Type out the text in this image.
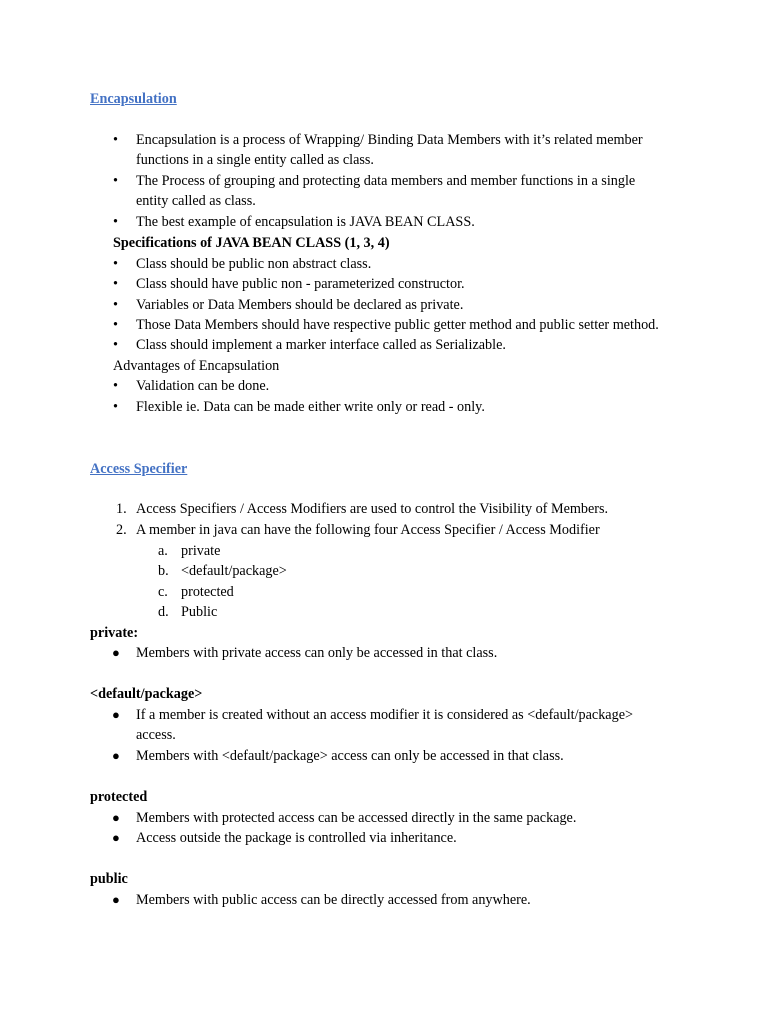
Encapsulation
• Encapsulation is a process of Wrapping/ Binding Data Members with it’s related member
functions in a single entity called as class.
• The Process of grouping and protecting data members and member functions in a single
entity called as class.
• The best example of encapsulation is JAVA BEAN CLASS.
Specifications of JAVA BEAN CLASS (1, 3, 4)
• Class should be public non abstract class.
• Class should have public non - parameterized constructor.
• Variables or Data Members should be declared as private.
• Those Data Members should have respective public getter method and public setter method.
• Class should implement a marker interface called as Serializable.
Advantages of Encapsulation
• Validation can be done.
• Flexible ie. Data can be made either write only or read - only.
Access Specifier
1. Access Specifiers / Access Modifiers are used to control the Visibility of Members.
2. A member in java can have the following four Access Specifier / Access Modifier
a. private
b. <default/package>
c. protected
d. Public
private:
● Members with private access can only be accessed in that class.
<default/package>
● If a member is created without an access modifier it is considered as <default/package>
access.
● Members with <default/package> access can only be accessed in that class.
protected
● Members with protected access can be accessed directly in the same package.
● Access outside the package is controlled via inheritance.
public
● Members with public access can be directly accessed from anywhere.
